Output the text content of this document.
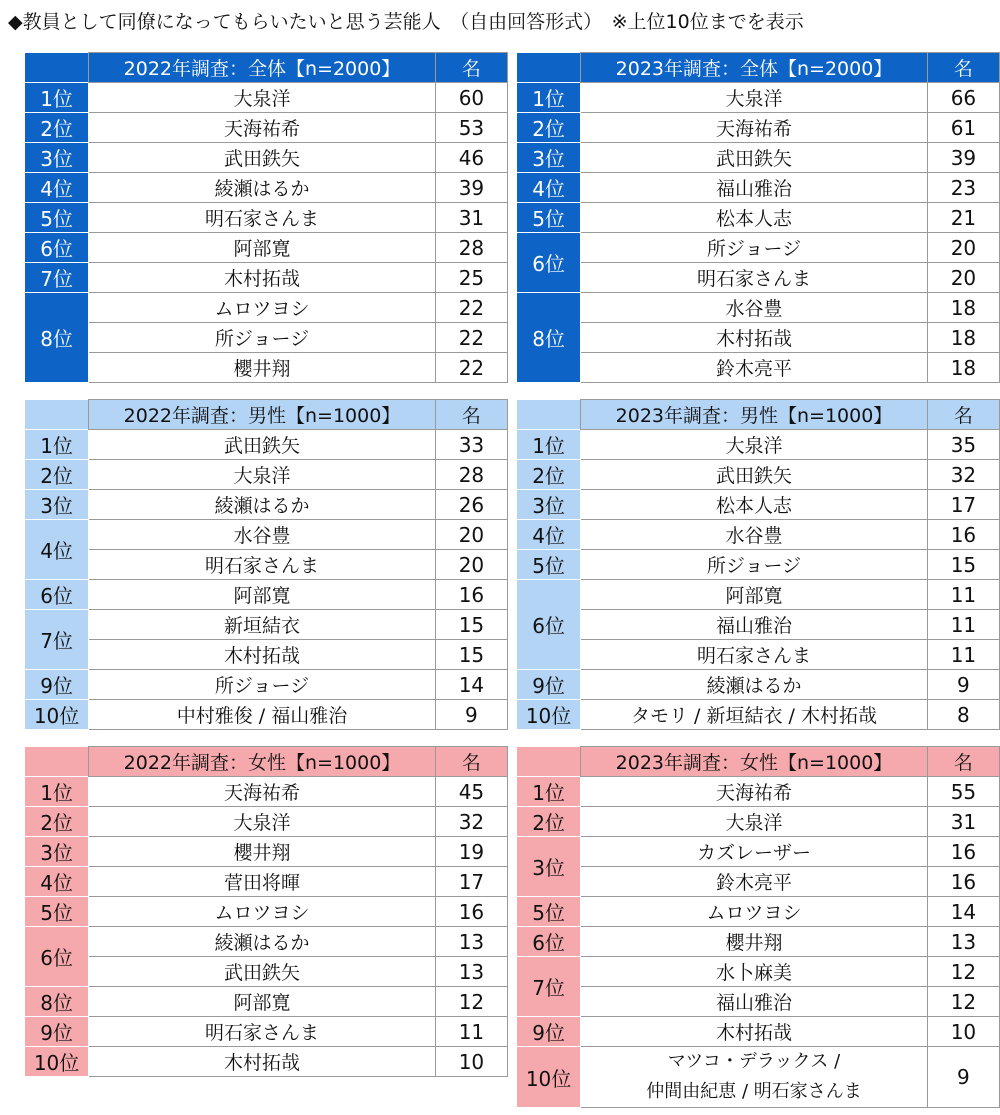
◆教員として同僚になってもらいたいと思う芸能人　（自由回答形式）　※上位10位までを表示
	2022年調査：全体【n=2000】	名
1位	大泉洋	60
2位	天海祐希	53
3位	武田鉄矢	46
4位	綾瀬はるか	39
5位	明石家さんま	31
6位	阿部寛	28
7位	木村拓哉	25
8位	ムロツヨシ	22
	所ジョージ	22
	櫻井翔	22
	2023年調査：全体【n=2000】	名
1位	大泉洋	66
2位	天海祐希	61
3位	武田鉄矢	39
4位	福山雅治	23
5位	松本人志	21
6位	所ジョージ	20
	明石家さんま	20
8位	水谷豊	18
	木村拓哉	18
	鈴木亮平	18
	2022年調査：男性【n=1000】	名
1位	武田鉄矢	33
2位	大泉洋	28
3位	綾瀬はるか	26
4位	水谷豊	20
	明石家さんま	20
6位	阿部寛	16
7位	新垣結衣	15
	木村拓哉	15
9位	所ジョージ	14
10位	中村雅俊 / 福山雅治	9
	2023年調査：男性【n=1000】	名
1位	大泉洋	35
2位	武田鉄矢	32
3位	松本人志	17
4位	水谷豊	16
5位	所ジョージ	15
6位	阿部寛	11
	福山雅治	11
	明石家さんま	11
9位	綾瀬はるか	9
10位	タモリ / 新垣結衣 / 木村拓哉	8
	2022年調査：女性【n=1000】	名
1位	天海祐希	45
2位	大泉洋	32
3位	櫻井翔	19
4位	菅田将暉	17
5位	ムロツヨシ	16
6位	綾瀬はるか	13
	武田鉄矢	13
8位	阿部寛	12
9位	明石家さんま	11
10位	木村拓哉	10
	2023年調査：女性【n=1000】	名
1位	天海祐希	55
2位	大泉洋	31
3位	カズレーザー	16
	鈴木亮平	16
5位	ムロツヨシ	14
6位	櫻井翔	13
7位	水卜麻美	12
	福山雅治	12
9位	木村拓哉	10
10位	マツコ・デラックス /
仲間由紀恵 / 明石家さんま	9
